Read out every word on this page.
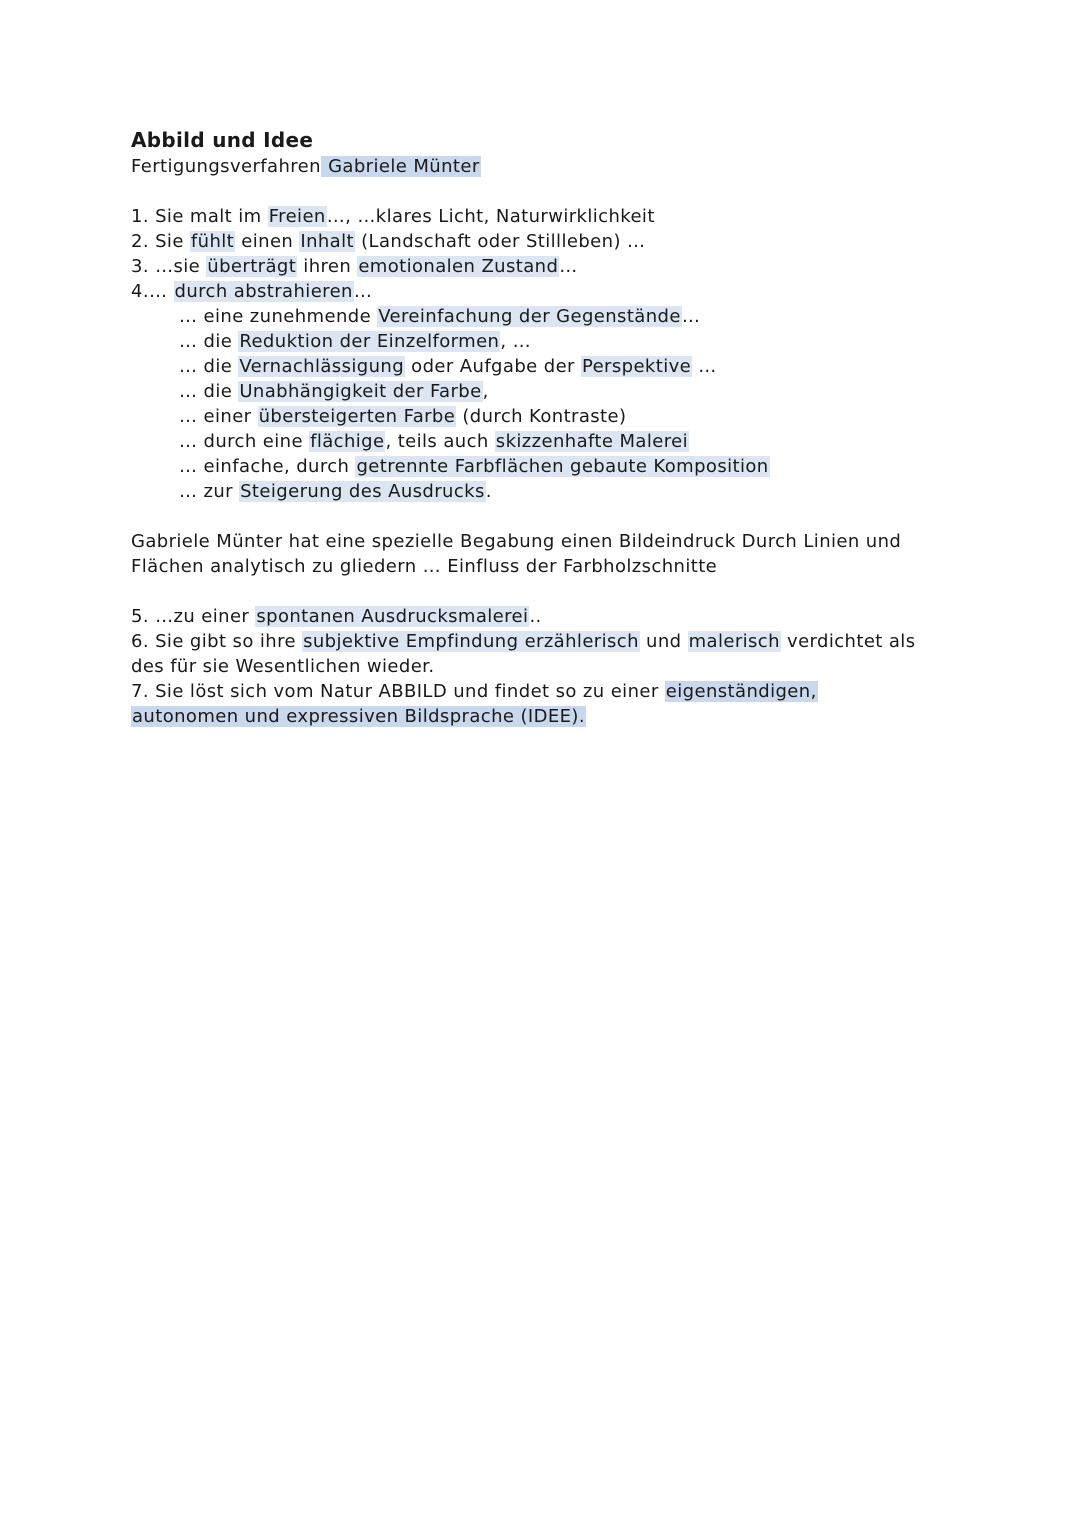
Abbild und Idee
Fertigungsverfahren Gabriele Münter
1. Sie malt im Freien…, …klares Licht, Naturwirklichkeit
2. Sie fühlt einen Inhalt (Landschaft oder Stillleben) …
3. …sie überträgt ihren emotionalen Zustand…
4.… durch abstrahieren…
… eine zunehmende Vereinfachung der Gegenstände…
… die Reduktion der Einzelformen, …
… die Vernachlässigung oder Aufgabe der Perspektive …
… die Unabhängigkeit der Farbe,
… einer übersteigerten Farbe (durch Kontraste)
… durch eine flächige, teils auch skizzenhafte Malerei
… einfache, durch getrennte Farbflächen gebaute Komposition
… zur Steigerung des Ausdrucks.
Gabriele Münter hat eine spezielle Begabung einen Bildeindruck Durch Linien und
Flächen analytisch zu gliedern … Einfluss der Farbholzschnitte
5. …zu einer spontanen Ausdrucksmalerei..
6. Sie gibt so ihre subjektive Empfindung erzählerisch und malerisch verdichtet als
des für sie Wesentlichen wieder.
7. Sie löst sich vom Natur ABBILD und findet so zu einer eigenständigen,
autonomen und expressiven Bildsprache (IDEE).
